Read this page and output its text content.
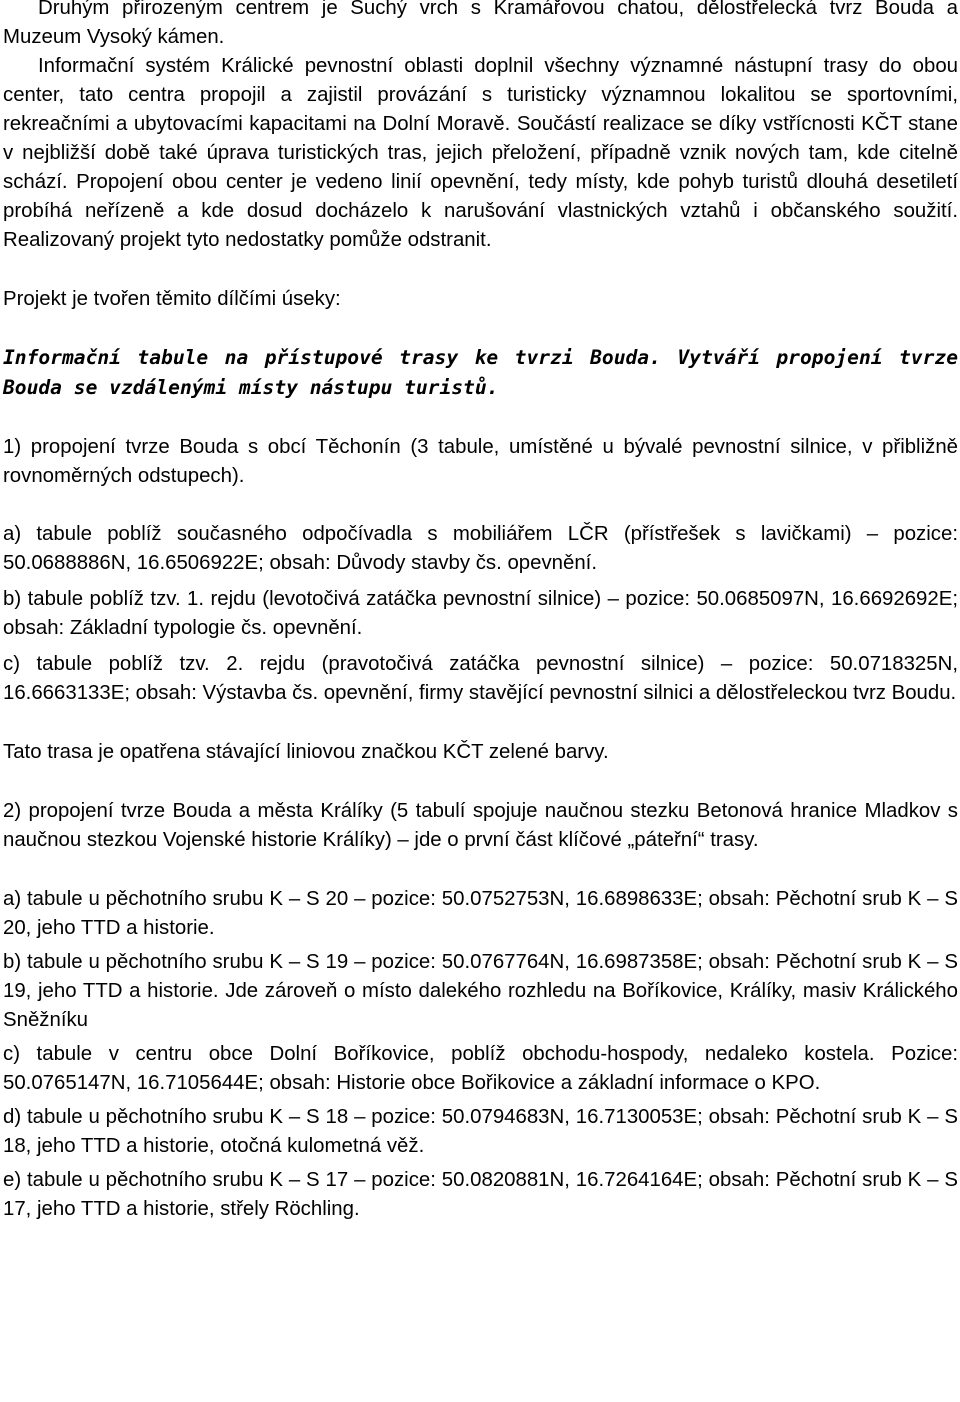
Druhým přirozeným centrem je Suchý vrch s Kramářovou chatou, dělostřelecká tvrz Bouda a Muzeum Vysoký kámen.

Informační systém Králické pevnostní oblasti doplnil všechny významné nástupní trasy do obou center, tato centra propojil a zajistil provázání s turisticky významnou lokalitou se sportovními, rekreačními a ubytovacími kapacitami na Dolní Moravě. Součástí realizace se díky vstřícnosti KČT stane v nejbližší době také úprava turistických tras, jejich přeložení, případně vznik nových tam, kde citelně schází. Propojení obou center je vedeno linií opevnění, tedy místy, kde pohyb turistů dlouhá desetiletí probíhá neřízeně a kde dosud docházelo k narušování vlastnických vztahů i občanského soužití. Realizovaný projekt tyto nedostatky pomůže odstranit.

Projekt je tvořen těmito dílčími úseky:

Informační tabule na přístupové trasy ke tvrzi Bouda. Vytváří propojení tvrze Bouda se vzdálenými místy nástupu turistů.

1) propojení tvrze Bouda s obcí Těchonín (3 tabule, umístěné u bývalé pevnostní silnice, v přibližně rovnoměrných odstupech).

a) tabule poblíž současného odpočívadla s mobiliářem LČR (přístřešek s lavičkami) – pozice: 50.0688886N, 16.6506922E; obsah: Důvody stavby čs. opevnění.

b) tabule poblíž tzv. 1. rejdu (levotočivá zatáčka pevnostní silnice) – pozice: 50.0685097N, 16.6692692E; obsah: Základní typologie čs. opevnění.

c) tabule poblíž tzv. 2. rejdu (pravotočivá zatáčka pevnostní silnice) – pozice: 50.0718325N, 16.6663133E; obsah: Výstavba čs. opevnění, firmy stavějící pevnostní silnici a dělostřeleckou tvrz Boudu.

Tato trasa je opatřena stávající liniovou značkou KČT zelené barvy.

2) propojení tvrze Bouda a města Králíky (5 tabulí spojuje naučnou stezku Betonová hranice Mladkov s naučnou stezkou Vojenské historie Králíky) – jde o první část klíčové „páteřní“ trasy.

a) tabule u pěchotního srubu K – S 20 – pozice: 50.0752753N, 16.6898633E; obsah: Pěchotní srub K – S 20, jeho TTD a historie.

b) tabule u pěchotního srubu K – S 19 – pozice: 50.0767764N, 16.6987358E; obsah: Pěchotní srub K – S 19, jeho TTD a historie. Jde zároveň o místo dalekého rozhledu na Boříkovice, Králíky, masiv Králického Sněžníku

c) tabule v centru obce Dolní Boříkovice, poblíž obchodu-hospody, nedaleko kostela. Pozice: 50.0765147N, 16.7105644E; obsah: Historie obce Bořikovice a základní informace o KPO.

d) tabule u pěchotního srubu K – S 18 – pozice: 50.0794683N, 16.7130053E; obsah: Pěchotní srub K – S 18, jeho TTD a historie, otočná kulometná věž.

e) tabule u pěchotního srubu K – S 17 – pozice: 50.0820881N, 16.7264164E; obsah: Pěchotní srub K – S 17, jeho TTD a historie, střely Röchling.
